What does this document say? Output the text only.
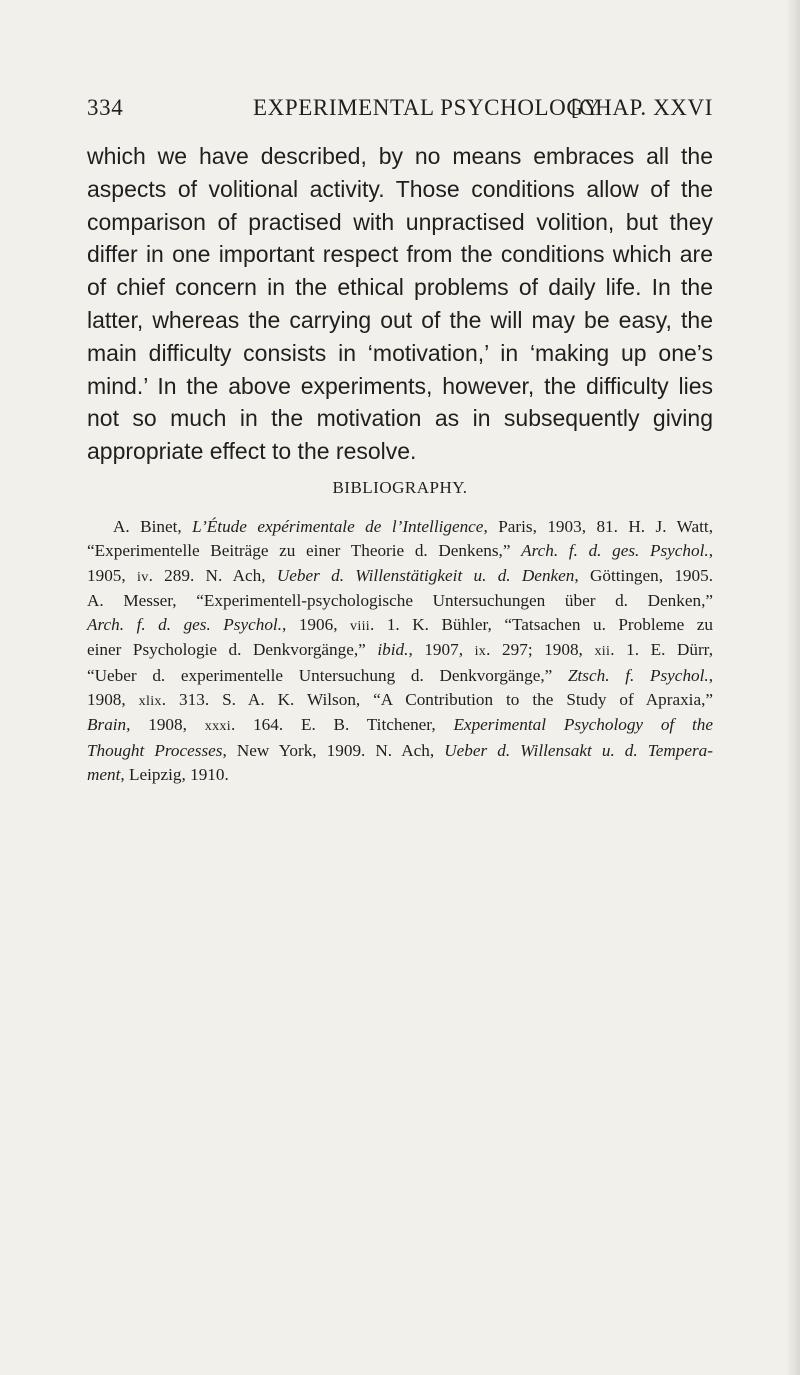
334	EXPERIMENTAL PSYCHOLOGY
[CHAP. XXVI
which we have described, by no means embraces all the
aspects of volitional activity. Those conditions allow of the
comparison of practised with unpractised volition, but they
differ in one important respect from the conditions which are
of chief concern in the ethical problems of daily life. In the
latter, whereas the carrying out of the will may be easy, the
main difficulty consists in ‘motivation,’ in ‘making up one’s
mind.’ In the above experiments, however, the difficulty lies
not so much in the motivation as in subsequently giving
appropriate effect to the resolve.
BIBLIOGRAPHY.
A. Binet, L’Étude expérimentale de l’Intelligence, Paris, 1903, 81. H. J. Watt,
“Experimentelle Beiträge zu einer Theorie d. Denkens,” Arch. f. d. ges. Psychol.,
1905, iv. 289. N. Ach, Ueber d. Willenstätigkeit u. d. Denken, Göttingen, 1905.
A. Messer, “Experimentell-psychologische Untersuchungen über d. Denken,”
Arch. f. d. ges. Psychol., 1906, viii. 1. K. Bühler, “Tatsachen u. Probleme zu
einer Psychologie d. Denkvorgänge,” ibid., 1907, ix. 297; 1908, xii. 1. E. Dürr,
“Ueber d. experimentelle Untersuchung d. Denkvorgänge,” Ztsch. f. Psychol.,
1908, xlix. 313. S. A. K. Wilson, “A Contribution to the Study of Apraxia,”
Brain, 1908, xxxi. 164. E. B. Titchener, Experimental Psychology of the
Thought Processes, New York, 1909. N. Ach, Ueber d. Willensakt u. d. Tempera-
ment, Leipzig, 1910.
